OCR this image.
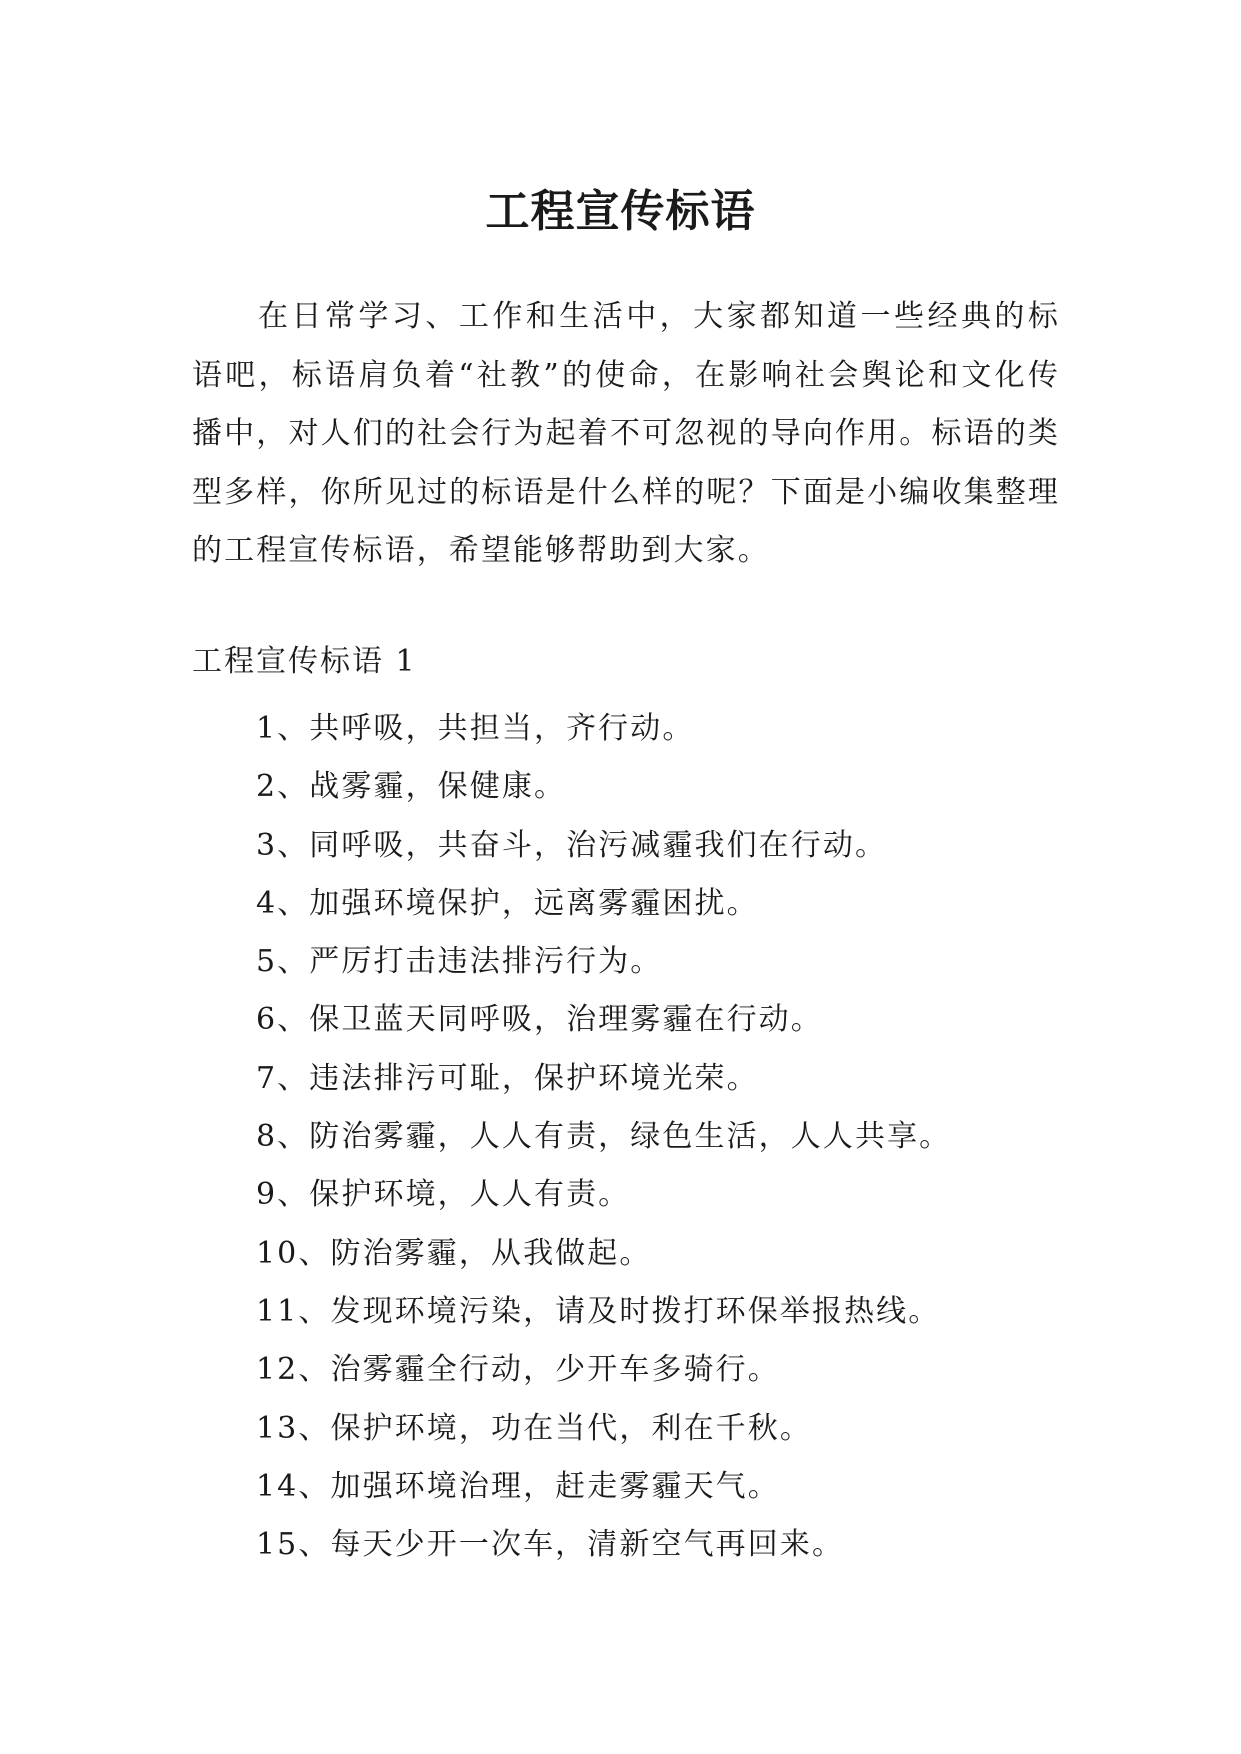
工程宣传标语

在日常学习、工作和生活中，大家都知道一些经典的标语吧，标语肩负着“社教”的使命，在影响社会舆论和文化传播中，对人们的社会行为起着不可忽视的导向作用。标语的类型多样，你所见过的标语是什么样的呢？下面是小编收集整理的工程宣传标语，希望能够帮助到大家。

工程宣传标语 1

1、共呼吸，共担当，齐行动。
2、战雾霾，保健康。
3、同呼吸，共奋斗，治污减霾我们在行动。
4、加强环境保护，远离雾霾困扰。
5、严厉打击违法排污行为。
6、保卫蓝天同呼吸，治理雾霾在行动。
7、违法排污可耻，保护环境光荣。
8、防治雾霾，人人有责，绿色生活，人人共享。
9、保护环境，人人有责。
10、防治雾霾，从我做起。
11、发现环境污染，请及时拨打环保举报热线。
12、治雾霾全行动，少开车多骑行。
13、保护环境，功在当代，利在千秋。
14、加强环境治理，赶走雾霾天气。
15、每天少开一次车，清新空气再回来。
